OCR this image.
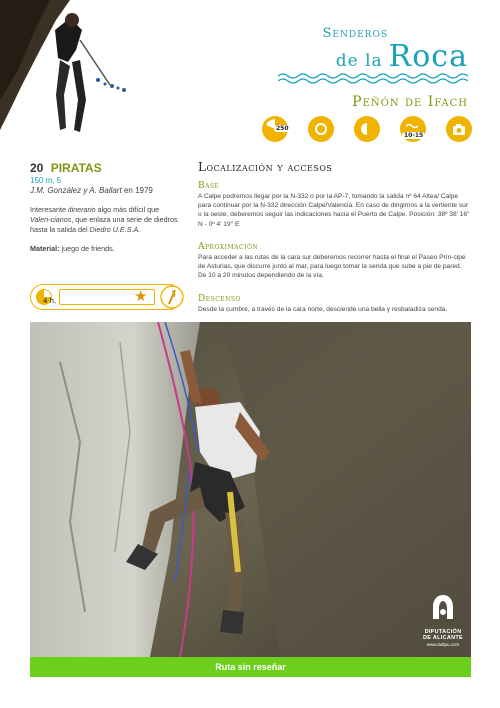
Senderos
de la Roca
Peñón de Ifach
250
10-15
20 PIRATAS
150 m, 5
J.M. González y A. Ballart en 1979
Interesante itinerario algo más difícil que Valen-cianos, que enlaza una serie de diedros hasta la salida del Diedro U.E.S.A.
Material: juego de friends.
4 h.	★
Localización y accesos
Base
A Calpe podremos llegar por la N-332 o por la AP-7, tomando la salida nº 64 Altea/ Calpe para continuar por la N-332 dirección Calpe/Valencia. En caso de dirigirnos a la vertiente sur o la oeste, deberemos seguir las indicaciones hacia el Puerto de Calpe. Posición: 38º 38' 16'' N - 0º 4' 19'' E
Aproximación
Para acceder a las rutas de la cara sur deberemos recorrer hasta el final el Paseo Prín-cipe de Asturias, que discurre junto al mar, para luego tomar la senda que sube a pie de pared. De 10 a 20 minutos dependiendo de la vía.
Descenso
Desde la cumbre, a través de la cara norte, desciende una bella y resbaladiza senda.
DIPUTACIÓN
DE ALICANTE
www.ladipu.com
Ruta sin reseñar
